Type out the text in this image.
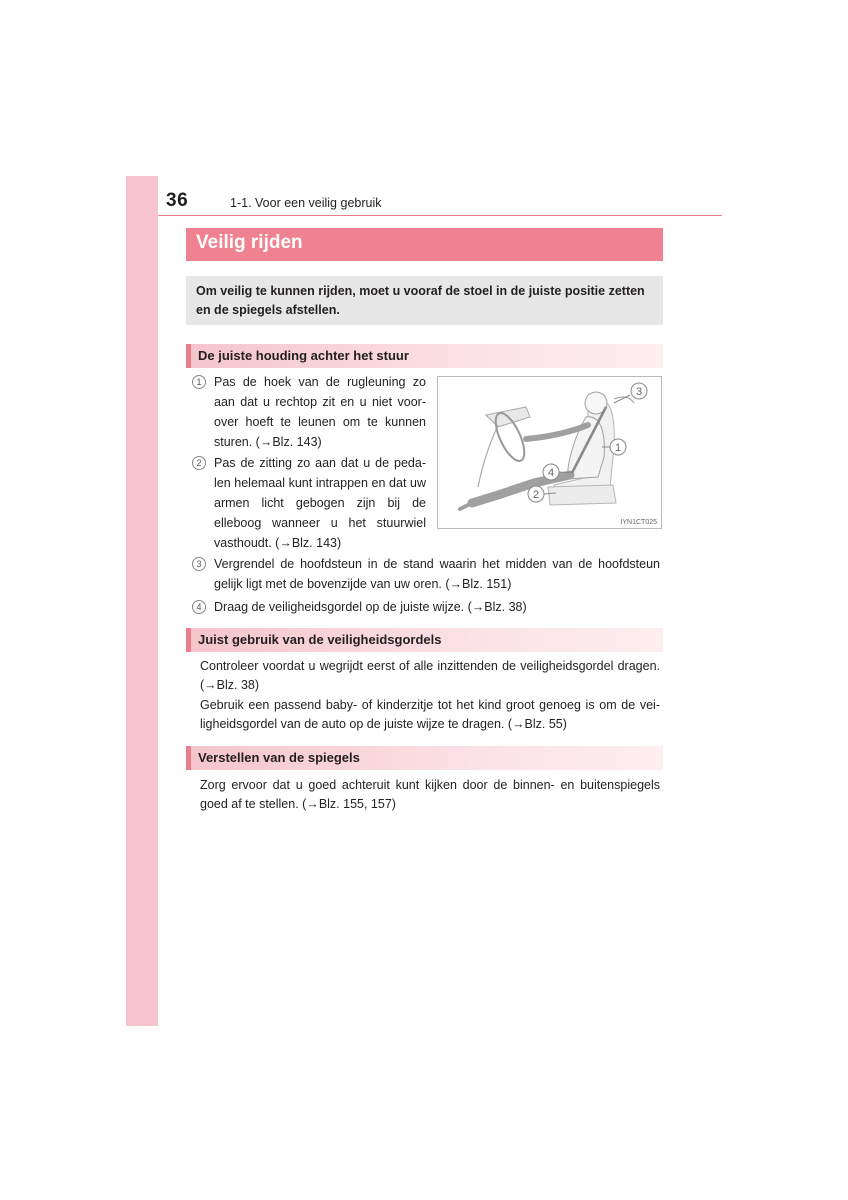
36	1-1. Voor een veilig gebruik
Veilig rijden
Om veilig te kunnen rijden, moet u vooraf de stoel in de juiste positie zetten en de spiegels afstellen.
De juiste houding achter het stuur
1	Pas de hoek van de rugleuning zo aan dat u rechtop zit en u niet voorover hoeft te leunen om te kunnen sturen. (→Blz. 143)
2	Pas de zitting zo aan dat u de pedalen helemaal kunt intrappen en dat uw armen licht gebogen zijn bij de elleboog wanneer u het stuurwiel vasthoudt. (→Blz. 143)
3	Vergrendel de hoofdsteun in de stand waarin het midden van de hoofdsteun gelijk ligt met de bovenzijde van uw oren. (→Blz. 151)
4	Draag de veiligheidsgordel op de juiste wijze. (→Blz. 38)
1
2
3
4
IYN1CT025
Juist gebruik van de veiligheidsgordels
Controleer voordat u wegrijdt eerst of alle inzittenden de veiligheidsgordel dragen. (→Blz. 38)
Gebruik een passend baby- of kinderzitje tot het kind groot genoeg is om de veiligheidsgordel van de auto op de juiste wijze te dragen. (→Blz. 55)
Verstellen van de spiegels
Zorg ervoor dat u goed achteruit kunt kijken door de binnen- en buitenspiegels goed af te stellen. (→Blz. 155, 157)
